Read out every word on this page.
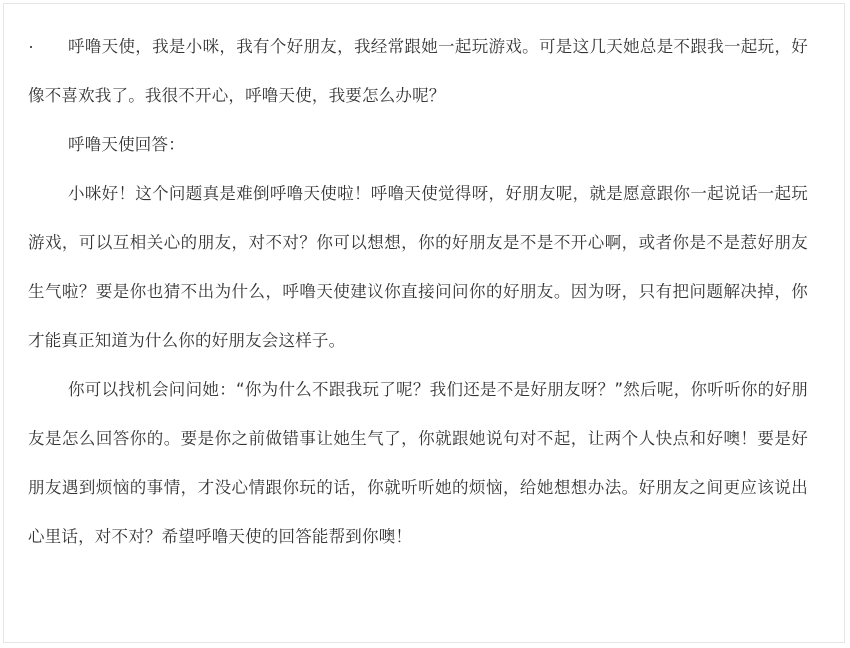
呼噜天使，我是小咪，我有个好朋友，我经常跟她一起玩游戏。可是这几天她总是不跟我一起玩，好像不喜欢我了。我很不开心，呼噜天使，我要怎么办呢？

呼噜天使回答：

小咪好！这个问题真是难倒呼噜天使啦！呼噜天使觉得呀，好朋友呢，就是愿意跟你一起说话一起玩游戏，可以互相关心的朋友，对不对？你可以想想，你的好朋友是不是不开心啊，或者你是不是惹好朋友生气啦？要是你也猜不出为什么，呼噜天使建议你直接问问你的好朋友。因为呀，只有把问题解决掉，你才能真正知道为什么你的好朋友会这样子。

你可以找机会问问她：“你为什么不跟我玩了呢？我们还是不是好朋友呀？”然后呢，你听听你的好朋友是怎么回答你的。要是你之前做错事让她生气了，你就跟她说句对不起，让两个人快点和好噢！要是好朋友遇到烦恼的事情，才没心情跟你玩的话，你就听听她的烦恼，给她想想办法。好朋友之间更应该说出心里话，对不对？希望呼噜天使的回答能帮到你噢！
